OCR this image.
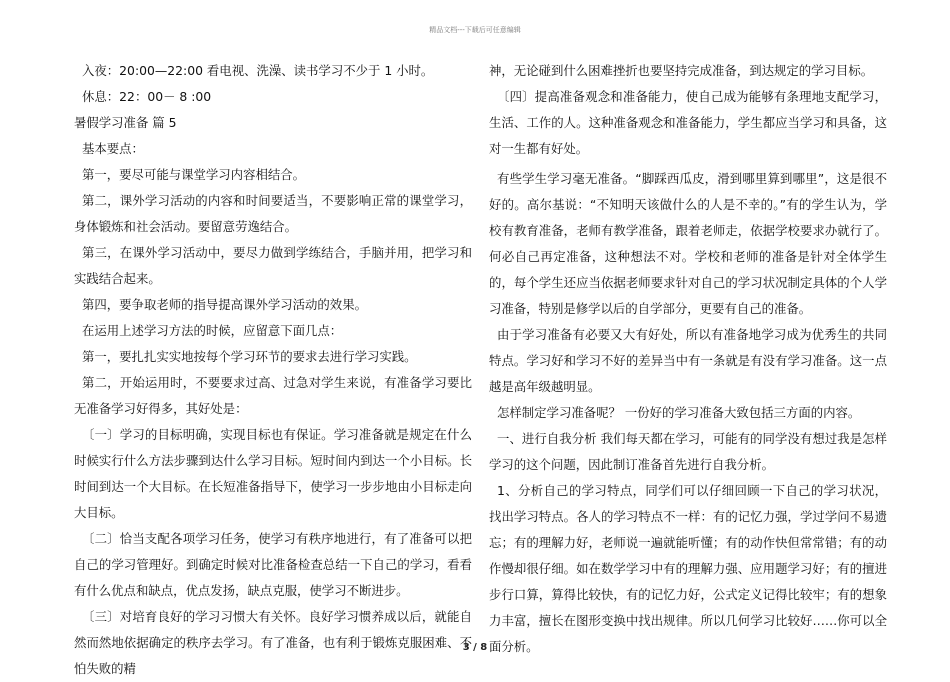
精品文档---下载后可任意编辑

入夜：20:00—22:00 看电视、洗澡、读书学习不少于 1 小时。

休息：22：00－ 8 :00

暑假学习准备 篇 5

基本要点：

第一，要尽可能与课堂学习内容相结合。

第二，课外学习活动的内容和时间要适当，不要影响正常的课堂学习，身体锻炼和社会活动。要留意劳逸结合。

第三，在课外学习活动中，要尽力做到学练结合，手脑并用，把学习和实践结合起来。

第四，要争取老师的指导提高课外学习活动的效果。

在运用上述学习方法的时候，应留意下面几点：

第一，要扎扎实实地按每个学习环节的要求去进行学习实践。

第二，开始运用时，不要要求过高、过急对学生来说，有准备学习要比无准备学习好得多，其好处是：

〔一〕学习的目标明确，实现目标也有保证。学习准备就是规定在什么时候实行什么方法步骤到达什么学习目标。短时间内到达一个小目标。长时间到达一个大目标。在长短准备指导下，使学习一步步地由小目标走向大目标。

〔二〕恰当支配各项学习任务，使学习有秩序地进行，有了准备可以把自己的学习管理好。到确定时候对比准备检查总结一下自己的学习，看看有什么优点和缺点，优点发扬，缺点克服，使学习不断进步。

〔三〕对培育良好的学习习惯大有关怀。良好学习惯养成以后，就能自然而然地依据确定的秩序去学习。有了准备，也有利于锻炼克服困难、不怕失败的精

神，无论碰到什么困难挫折也要坚持完成准备，到达规定的学习目标。

〔四〕提高准备观念和准备能力，使自己成为能够有条理地支配学习，生活、工作的人。这种准备观念和准备能力，学生都应当学习和具备，这对一生都有好处。

有些学生学习毫无准备。“脚踩西瓜皮，滑到哪里算到哪里”，这是很不好的。高尔基说：“不知明天该做什么的人是不幸的。”有的学生认为，学校有教育准备，老师有教学准备，跟着老师走，依据学校要求办就行了。何必自己再定准备，这种想法不对。学校和老师的准备是针对全体学生的，每个学生还应当依据老师要求针对自己的学习状况制定具体的个人学习准备，特别是修学以后的自学部分，更要有自己的准备。

由于学习准备有必要又大有好处，所以有准备地学习成为优秀生的共同特点。学习好和学习不好的差异当中有一条就是有没有学习准备。这一点越是高年级越明显。

怎样制定学习准备呢？ 一份好的学习准备大致包括三方面的内容。

一、进行自我分析 我们每天都在学习，可能有的同学没有想过我是怎样学习的这个问题，因此制订准备首先进行自我分析。

1、分析自己的学习特点，同学们可以仔细回顾一下自己的学习状况，找出学习特点。各人的学习特点不一样：有的记忆力强，学过学问不易遗忘；有的理解力好，老师说一遍就能听懂；有的动作快但常常错；有的动作慢却很仔细。如在数学学习中有的理解力强、应用题学习好；有的擅进步行口算，算得比较快，有的记忆力好，公式定义记得比较牢；有的想象力丰富，擅长在图形变换中找出规律。所以几何学习比较好……你可以全面分析。

3 / 8
